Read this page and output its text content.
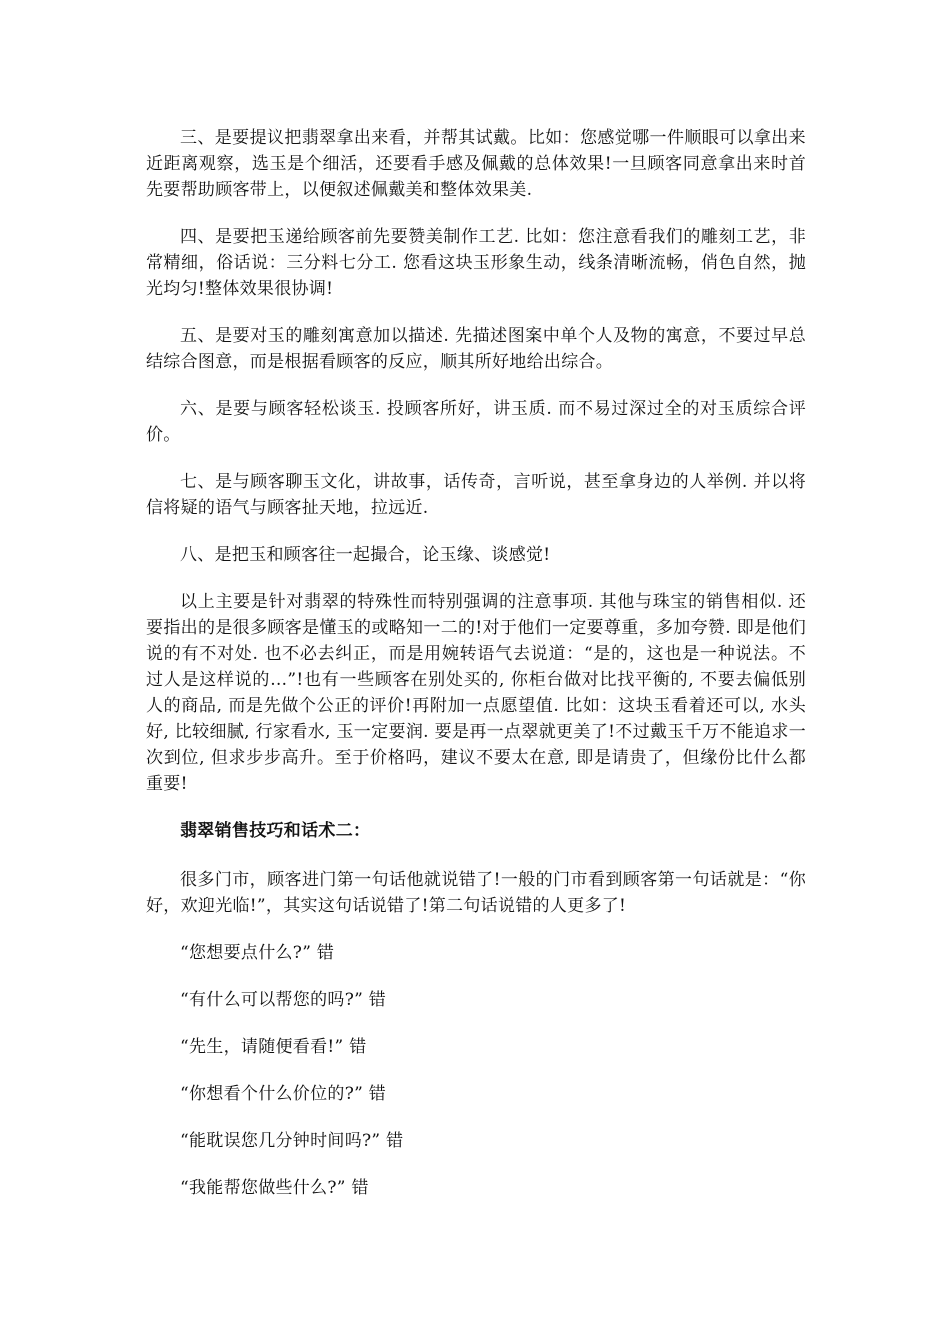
三、是要提议把翡翠拿出来看，并帮其试戴。比如：您感觉哪一件顺眼可以拿出来近距离观察，选玉是个细活，还要看手感及佩戴的总体效果!一旦顾客同意拿出来时首先要帮助顾客带上，以便叙述佩戴美和整体效果美.

四、是要把玉递给顾客前先要赞美制作工艺. 比如：您注意看我们的雕刻工艺，非常精细，俗话说：三分料七分工. 您看这块玉形象生动，线条清晰流畅，俏色自然，抛光均匀!整体效果很协调!

五、是要对玉的雕刻寓意加以描述. 先描述图案中单个人及物的寓意，不要过早总结综合图意，而是根据看顾客的反应，顺其所好地给出综合。

六、是要与顾客轻松谈玉. 投顾客所好，讲玉质. 而不易过深过全的对玉质综合评价。

七、是与顾客聊玉文化，讲故事，话传奇，言听说，甚至拿身边的人举例. 并以将信将疑的语气与顾客扯天地，拉远近.

八、是把玉和顾客往一起撮合，论玉缘、谈感觉!

以上主要是针对翡翠的特殊性而特别强调的注意事项. 其他与珠宝的销售相似. 还要指出的是很多顾客是懂玉的或略知一二的!对于他们一定要尊重，多加夸赞. 即是他们说的有不对处. 也不必去纠正，而是用婉转语气去说道：“是的，这也是一种说法。不过人是这样说的…”!也有一些顾客在别处买的, 你柜台做对比找平衡的, 不要去偏低别人的商品, 而是先做个公正的评价!再附加一点愿望值. 比如：这块玉看着还可以, 水头好, 比较细腻, 行家看水, 玉一定要润. 要是再一点翠就更美了!不过戴玉千万不能追求一次到位, 但求步步高升。至于价格吗，建议不要太在意, 即是请贵了，但缘份比什么都重要!

翡翠销售技巧和话术二：

很多门市，顾客进门第一句话他就说错了!一般的门市看到顾客第一句话就是：“你好，欢迎光临!”，其实这句话说错了!第二句话说错的人更多了!

“您想要点什么?” 错

“有什么可以帮您的吗?” 错

“先生，请随便看看!” 错

“你想看个什么价位的?” 错

“能耽误您几分钟时间吗?” 错

“我能帮您做些什么?” 错
